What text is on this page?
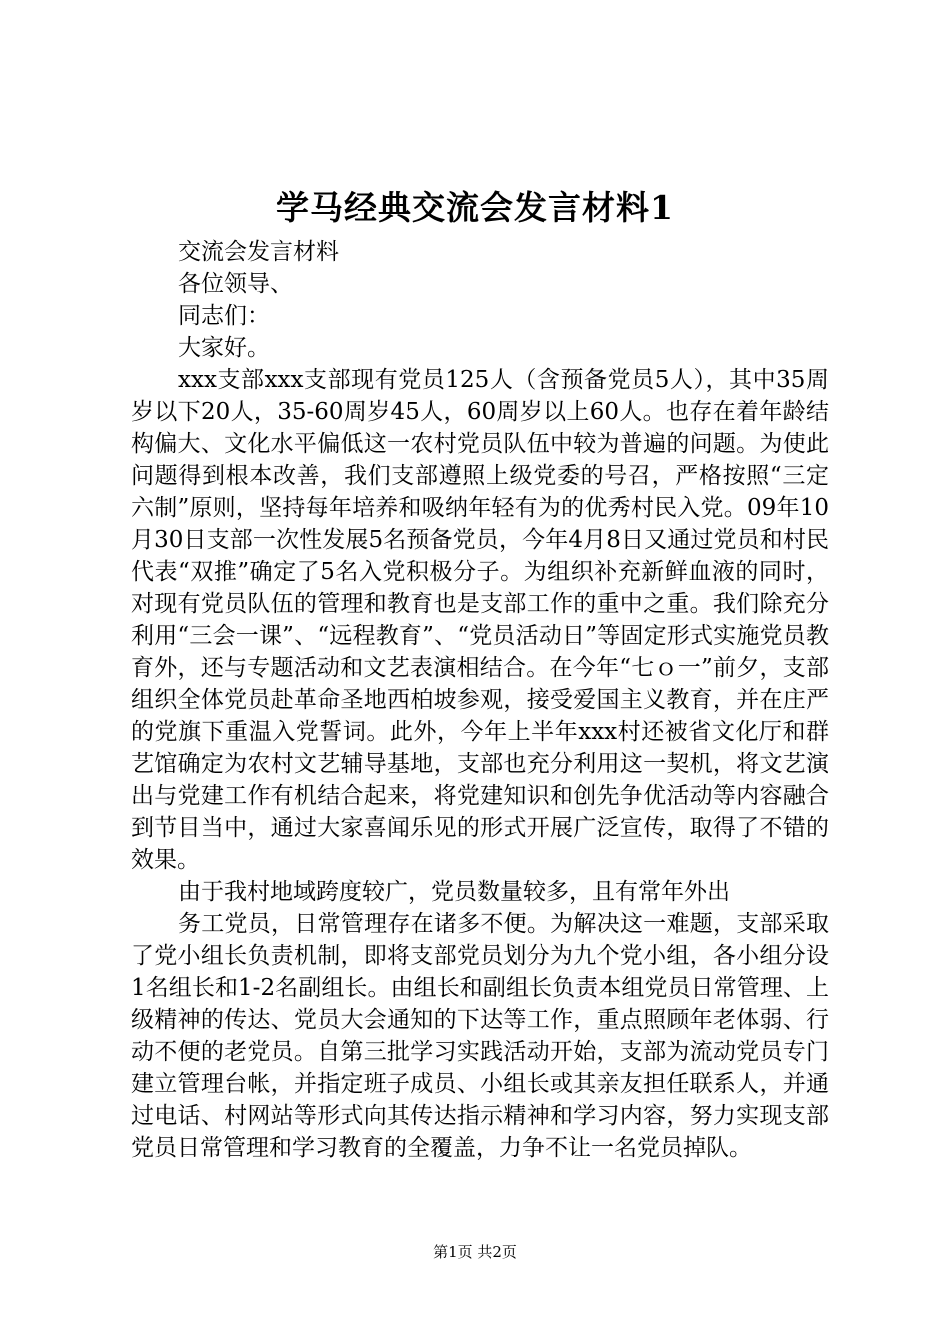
学马经典交流会发言材料1

交流会发言材料

各位领导、

同志们：

大家好。

xxx支部xxx支部现有党员125人（含预备党员5人），其中35周岁以下20人，35-60周岁45人，60周岁以上60人。也存在着年龄结构偏大、文化水平偏低这一农村党员队伍中较为普遍的问题。为使此问题得到根本改善，我们支部遵照上级党委的号召，严格按照“三定六制”原则，坚持每年培养和吸纳年轻有为的优秀村民入党。09年10月30日支部一次性发展5名预备党员，今年4月8日又通过党员和村民代表“双推”确定了5名入党积极分子。为组织补充新鲜血液的同时，对现有党员队伍的管理和教育也是支部工作的重中之重。我们除充分利用“三会一课”、“远程教育”、“党员活动日”等固定形式实施党员教育外，还与专题活动和文艺表演相结合。在今年“七ｏ一”前夕，支部组织全体党员赴革命圣地西柏坡参观，接受爱国主义教育，并在庄严的党旗下重温入党誓词。此外，今年上半年xxx村还被省文化厅和群艺馆确定为农村文艺辅导基地，支部也充分利用这一契机，将文艺演出与党建工作有机结合起来，将党建知识和创先争优活动等内容融合到节目当中，通过大家喜闻乐见的形式开展广泛宣传，取得了不错的效果。

由于我村地域跨度较广，党员数量较多，且有常年外出

务工党员，日常管理存在诸多不便。为解决这一难题，支部采取了党小组长负责机制，即将支部党员划分为九个党小组，各小组分设1名组长和1-2名副组长。由组长和副组长负责本组党员日常管理、上级精神的传达、党员大会通知的下达等工作，重点照顾年老体弱、行动不便的老党员。自第三批学习实践活动开始，支部为流动党员专门建立管理台帐，并指定班子成员、小组长或其亲友担任联系人，并通过电话、村网站等形式向其传达指示精神和学习内容，努力实现支部党员日常管理和学习教育的全覆盖，力争不让一名党员掉队。

第1页 共2页
